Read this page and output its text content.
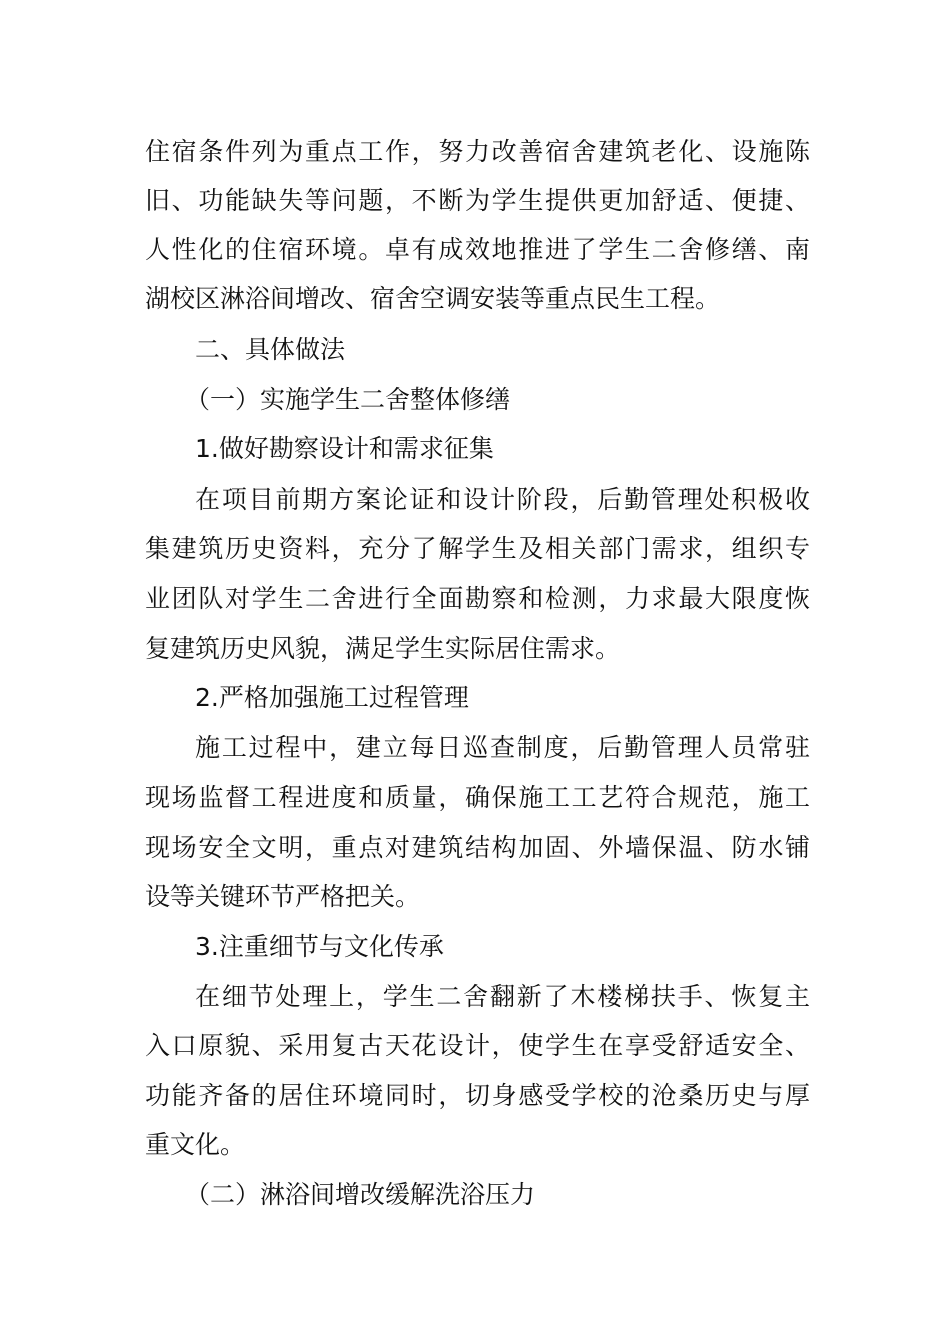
住宿条件列为重点工作，努力改善宿舍建筑老化、设施陈
旧、功能缺失等问题，不断为学生提供更加舒适、便捷、
人性化的住宿环境。卓有成效地推进了学生二舍修缮、南
湖校区淋浴间增改、宿舍空调安装等重点民生工程。
二、具体做法
（一）实施学生二舍整体修缮
1.做好勘察设计和需求征集
在项目前期方案论证和设计阶段，后勤管理处积极收
集建筑历史资料，充分了解学生及相关部门需求，组织专
业团队对学生二舍进行全面勘察和检测，力求最大限度恢
复建筑历史风貌，满足学生实际居住需求。
2.严格加强施工过程管理
施工过程中，建立每日巡查制度，后勤管理人员常驻
现场监督工程进度和质量，确保施工工艺符合规范，施工
现场安全文明，重点对建筑结构加固、外墙保温、防水铺
设等关键环节严格把关。
3.注重细节与文化传承
在细节处理上，学生二舍翻新了木楼梯扶手、恢复主
入口原貌、采用复古天花设计，使学生在享受舒适安全、
功能齐备的居住环境同时，切身感受学校的沧桑历史与厚
重文化。
（二）淋浴间增改缓解洗浴压力
